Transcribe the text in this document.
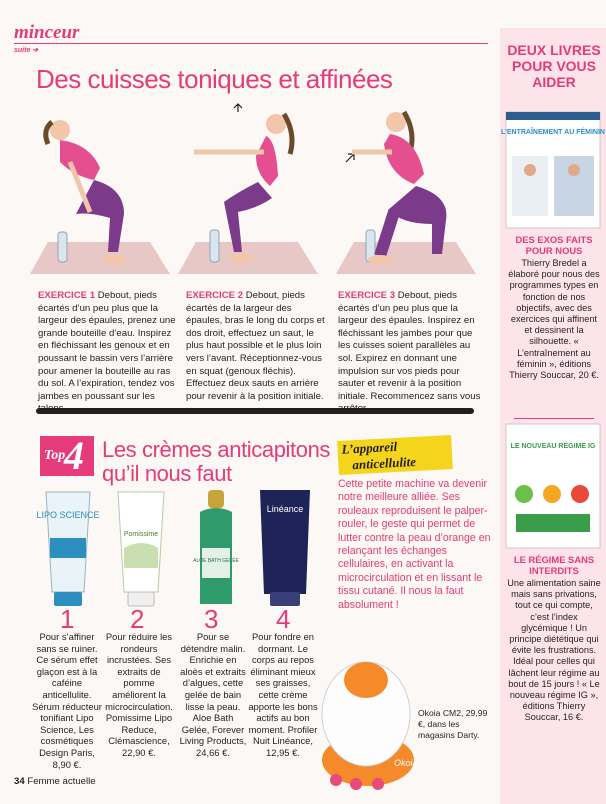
minceur
suite ➔
Des cuisses toniques et affinées
EXERCICE 1 Debout, pieds écartés d’un peu plus que la largeur des épaules, prenez une grande bouteille d’eau. Inspirez en fléchissant les genoux et en poussant le bassin vers l’arrière pour amener la bouteille au ras du sol. A l’expiration, tendez vos jambes en poussant sur les
EXERCICE 2 Debout, pieds écartés de la largeur des épaules, bras le long du corps et dos droit, effectuez un saut, le plus haut possible et le plus loin vers l’avant. Réceptionnez-vous en squat (genoux fléchis). Effectuez deux sauts en arrière pour revenir à la position initiale.
EXERCICE 3 Debout, pieds écartés d’un peu plus que la largeur des épaules. Inspirez en fléchissant les jambes pour que les cuisses soient parallèles au sol. Expirez en donnant une impulsion sur vos pieds pour sauter et revenir à la position initiale. Recommencez sans vous
Top
4 Les crèmes anticapitons
qu’il nous faut
LIPO SCIENCE
Pomissime
ALOE BATH GELÉE
Linéance
1 2 3 4
Pour s’affiner sans se ruiner. Ce sérum effet glaçon est à la caféine anticellulite. Sérum réducteur tonifiant Lipo Science, Les cosmétiques Design Paris, 8,90 €.
Pour réduire les rondeurs incrustées. Ses extraits de pomme améliorent la microcirculation. Pomissime Lipo Reduce, Clémascience, 22,90 €.
Pour se détendre malin. Enrichie en aloès et extraits d’algues, cette gelée de bain lisse la peau. Aloe Bath Gelée, Forever Living Products, 24,66 €.
Pour fondre en dormant. Le corps au repos éliminant mieux ses graisses, cette crème apporte les bons actifs au bon moment. Profiler Nuit Linéance, 12,95 €.
L’appareil
anticellulite
Cette petite machine va devenir notre meilleure alliée. Ses rouleaux reproduisent le palper-rouler, le geste qui permet de lutter contre la peau d’orange en relançant les échanges cellulaires, en activant la microcirculation et en lissant le tissu cutané. Il nous la faut absolument !
Okoia
Okoia CM2, 29,99 €, dans les magasins Darty.
DEUX LIVRES POUR VOUS AIDER
L’ENTRAÎNEMENT AU FÉMININ
DES EXOS FAITS POUR NOUS
Thierry Bredel a élaboré pour nous des programmes types en fonction de nos objectifs, avec des exercices qui affinent et dessinent la silhouette. « L’entraînement au féminin », éditions Thierry Souccar, 20 €.
LE NOUVEAU RÉGIME IG
LE RÉGIME SANS INTERDITS
Une alimentation saine mais sans privations, tout ce qui compte, c’est l’index glycémique ! Un principe diététique qui évite les frustrations. Idéal pour celles qui lâchent leur régime au bout de 15 jours ! « Le nouveau régime IG », éditions Thierry Souccar, 16 €.
34 Femme actuelle
